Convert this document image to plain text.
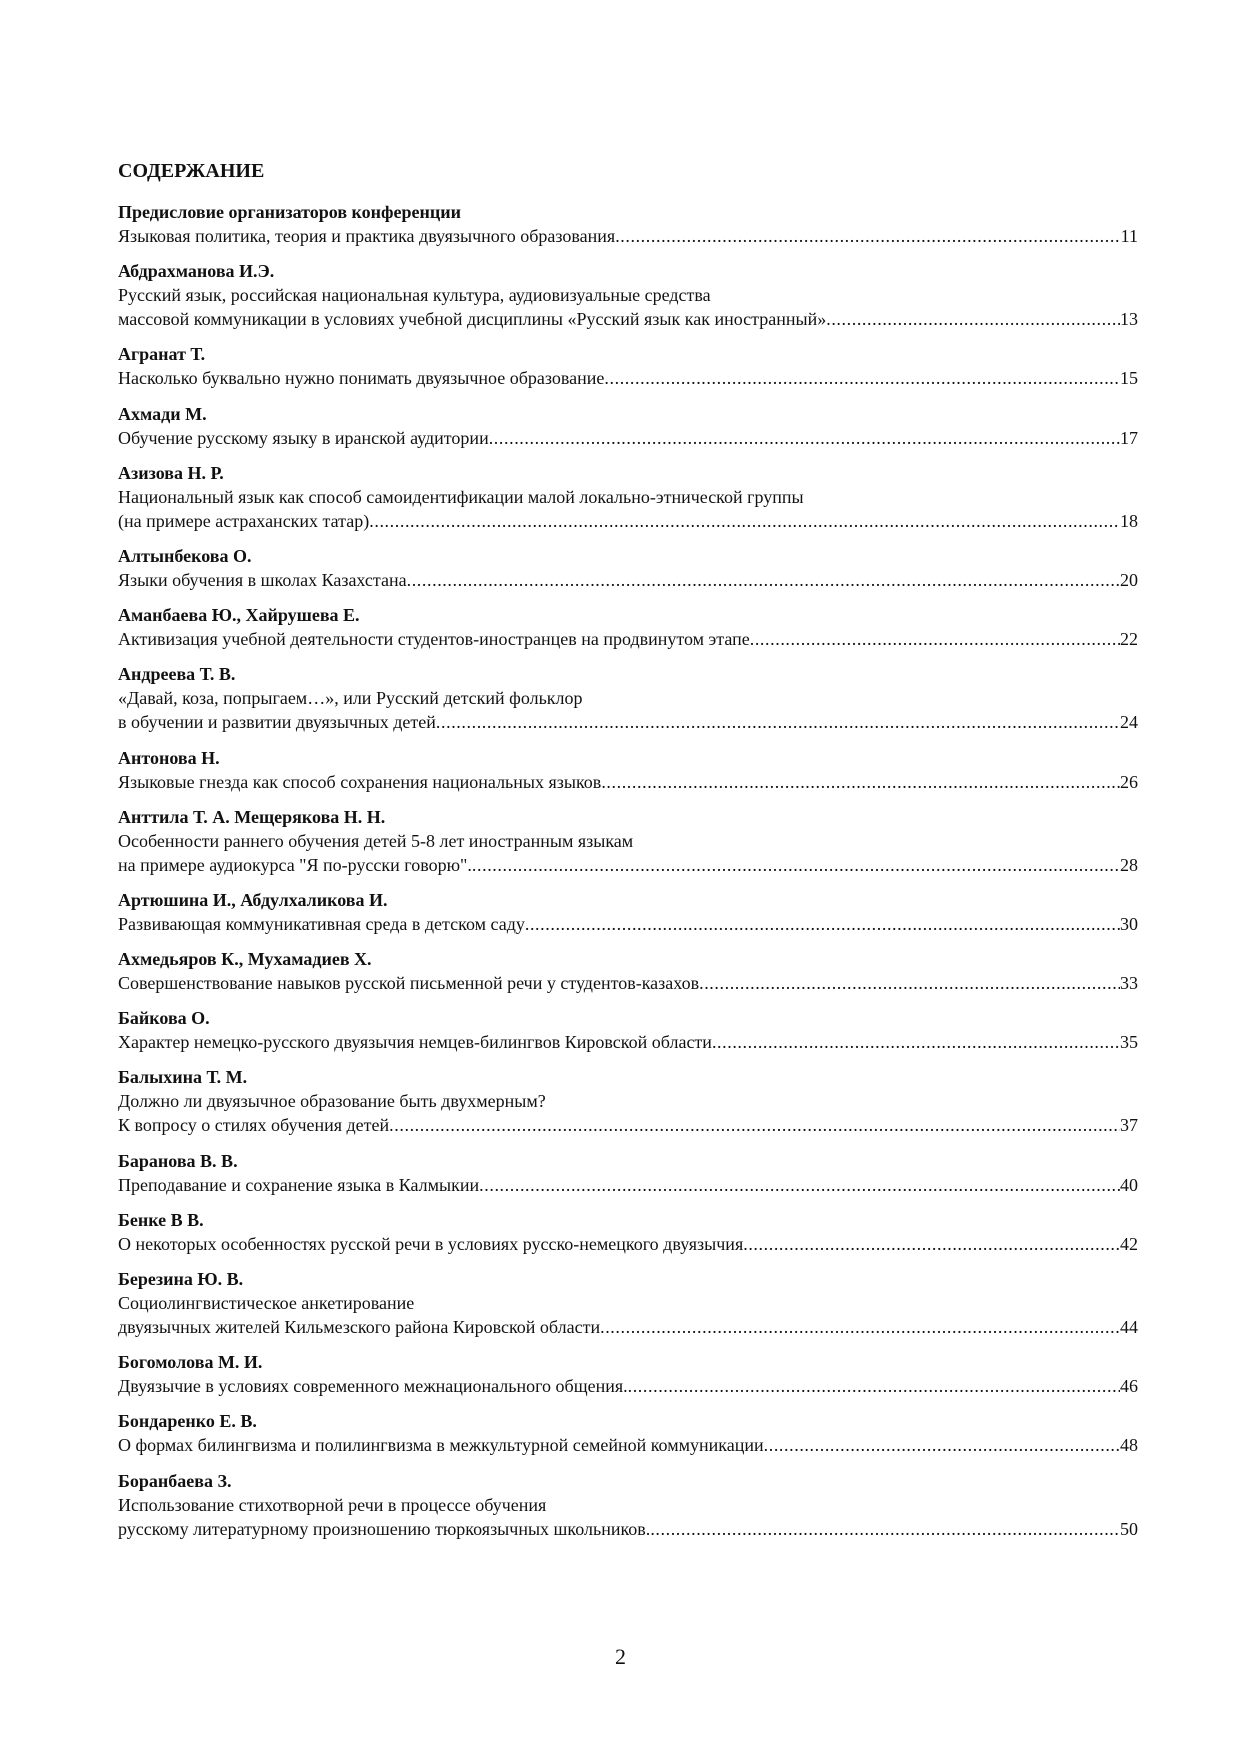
СОДЕРЖАНИЕ
Предисловие организаторов конференции
Языковая политика, теория и практика двуязычного образования .....	11
Абдрахманова И.Э.
Русский язык, российская национальная культура, аудиовизуальные средства
массовой коммуникации в условиях учебной дисциплины «Русский язык как иностранный» .....	13
Агранат Т.
Насколько буквально нужно понимать двуязычное образование .....	15
Ахмади М.
Обучение русскому языку в иранской аудитории .....	17
Азизова Н. Р.
Национальный язык как способ самоидентификации малой локально-этнической группы
(на примере астраханских татар) .....	18
Алтынбекова О.
Языки обучения в школах Казахстана .....	20
Аманбаева Ю., Хайрушева Е.
Активизация учебной деятельности студентов-иностранцев на продвинутом этапе .....	22
Андреева Т. В.
«Давай, коза, попрыгаем…», или Русский детский фольклор
в обучении и развитии двуязычных детей .....	24
Антонова Н.
Языковые гнезда как способ сохранения национальных языков .....	26
Анттила Т. А. Мещерякова Н. Н.
Особенности раннего обучения детей 5-8 лет иностранным языкам
на примере аудиокурса "Я по-русски говорю". .....	28
Артюшина И., Абдулхаликова И.
Развивающая коммуникативная среда в детском саду .....	30
Ахмедьяров К., Мухамадиев Х.
Совершенствование навыков русской письменной речи у студентов-казахов .....	33
Байкова О.
Характер немецко-русского двуязычия немцев-билингвов Кировской области .....	35
Балыхина Т. М.
Должно ли двуязычное образование быть двухмерным?
К вопросу о стилях обучения детей .....	37
Баранова В. В.
Преподавание и сохранение языка в Калмыкии .....	40
Бенке В В.
О некоторых особенностях русской речи в условиях русско-немецкого двуязычия .....	42
Березина Ю. В.
Социолингвистическое анкетирование
двуязычных жителей Кильмезского района Кировской области .....	44
Богомолова М. И.
Двуязычие в условиях современного межнационального общения. .....	46
Бондаренко Е. В.
О формах билингвизма и полилингвизма в межкультурной семейной коммуникации .....	48
Боранбаева З.
Использование стихотворной речи в процессе обучения
русскому литературному произношению тюркоязычных школьников. .....	50
2
